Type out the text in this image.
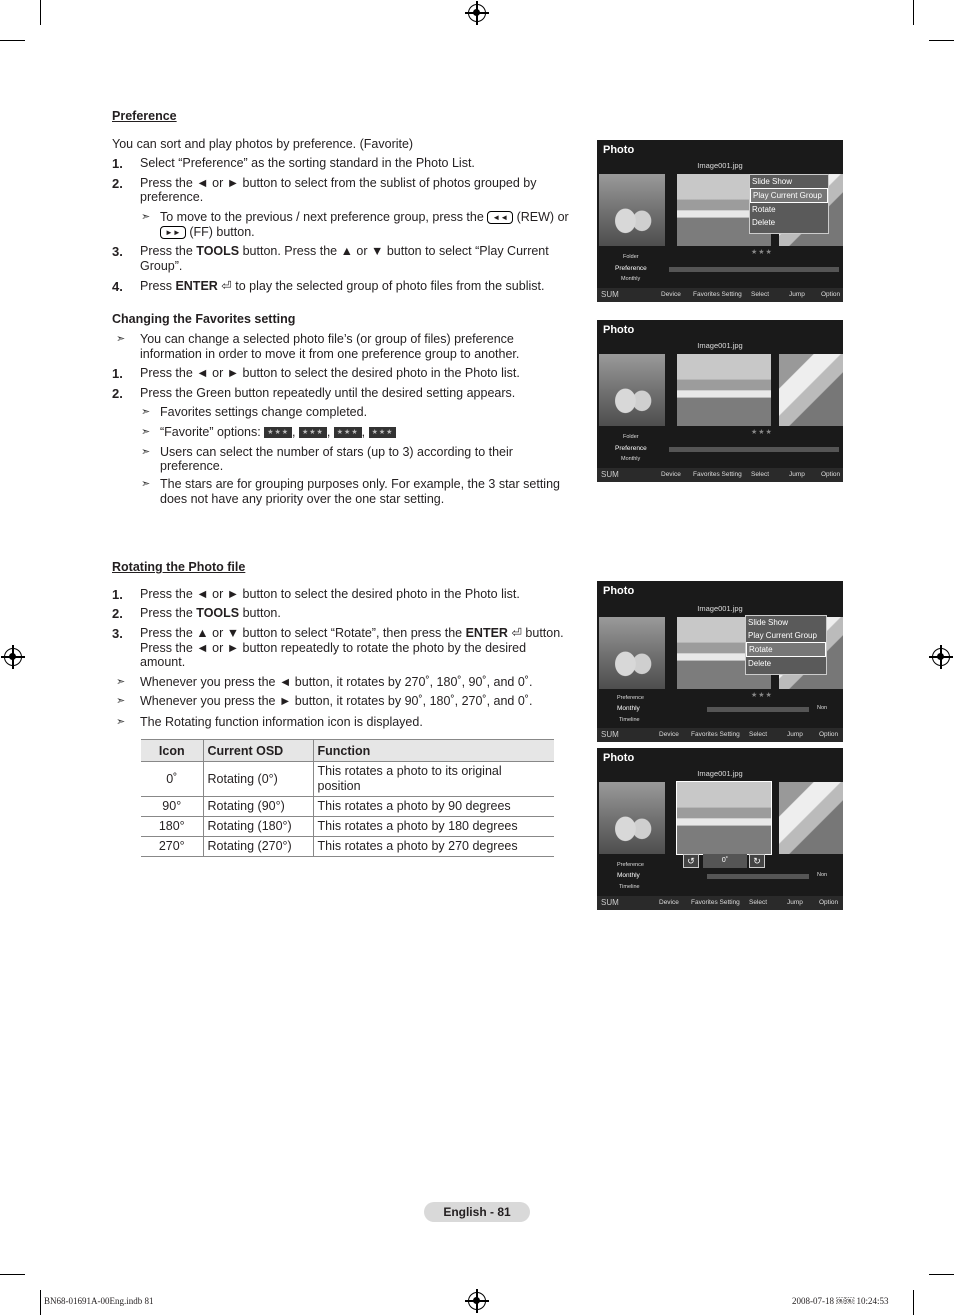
Preference
You can sort and play photos by preference. (Favorite)
1. Select “Preference” as the sorting standard in the Photo List.
2. Press the ◄ or ► button to select from the sublist of photos grouped by
preference.
➣ To move to the previous / next preference group, press the ◄◄ (REW) or
►► (FF) button.
3. Press the TOOLS button. Press the ▲ or ▼ button to select “Play Current
Group”.
4. Press ENTER ⏎ to play the selected group of photo files from the sublist.
Changing the Favorites setting
➣ You can change a selected photo file’s (or group of files) preference
information in order to move it from one preference group to another.
1. Press the ◄ or ► button to select the desired photo in the Photo list.
2. Press the Green button repeatedly until the desired setting appears.
➣ Favorites settings change completed.
➣ “Favorite” options: ★★★ , ★★★ , ★★★ , ★★★
➣ Users can select the number of stars (up to 3) according to their
preference.
➣ The stars are for grouping purposes only. For example, the 3 star setting
does not have any priority over the one star setting.
Rotating the Photo file
1. Press the ◄ or ► button to select the desired photo in the Photo list.
2. Press the TOOLS button.
3. Press the ▲ or ▼ button to select “Rotate”, then press the ENTER ⏎ button.
Press the ◄ or ► button repeatedly to rotate the photo by the desired
amount.
➣ Whenever you press the ◄ button, it rotates by 270˚, 180˚, 90˚, and 0˚.
➣ Whenever you press the ► button, it rotates by 90˚, 180˚, 270˚, and 0˚.
➣ The Rotating function information icon is displayed.
Icon	Current OSD	Function
0˚	Rotating (0°)	This rotates a photo to its original
position
90°	Rotating (90°)	This rotates a photo by 90 degrees
180°	Rotating (180°)	This rotates a photo by 180 degrees
270°	Rotating (270°)	This rotates a photo by 270 degrees
Photo
Image001.jpg
Slide Show
Play Current Group
Rotate
Delete
★★★
Folder
Preference
Monthly
SUM	Device Favorites Setting Select	Jump Option
Photo
Image001.jpg
★★★
Folder
Preference
Monthly
SUM	Device Favorites Setting Select	Jump Option
Photo
Image001.jpg
Slide Show
Play Current Group
Rotate
Delete
★★★
Preference
Monthly
Timeline
Non
SUM	Device Favorites Setting Select	Jump Option
Photo
Image001.jpg
↺	0˚	↻
Preference
Monthly
Timeline
Non
SUM	Device Favorites Setting Select	Jump Option
English - 81
BN68-01691A-00Eng.indb 81	2008-07-18 ￼￼ 10:24:53
